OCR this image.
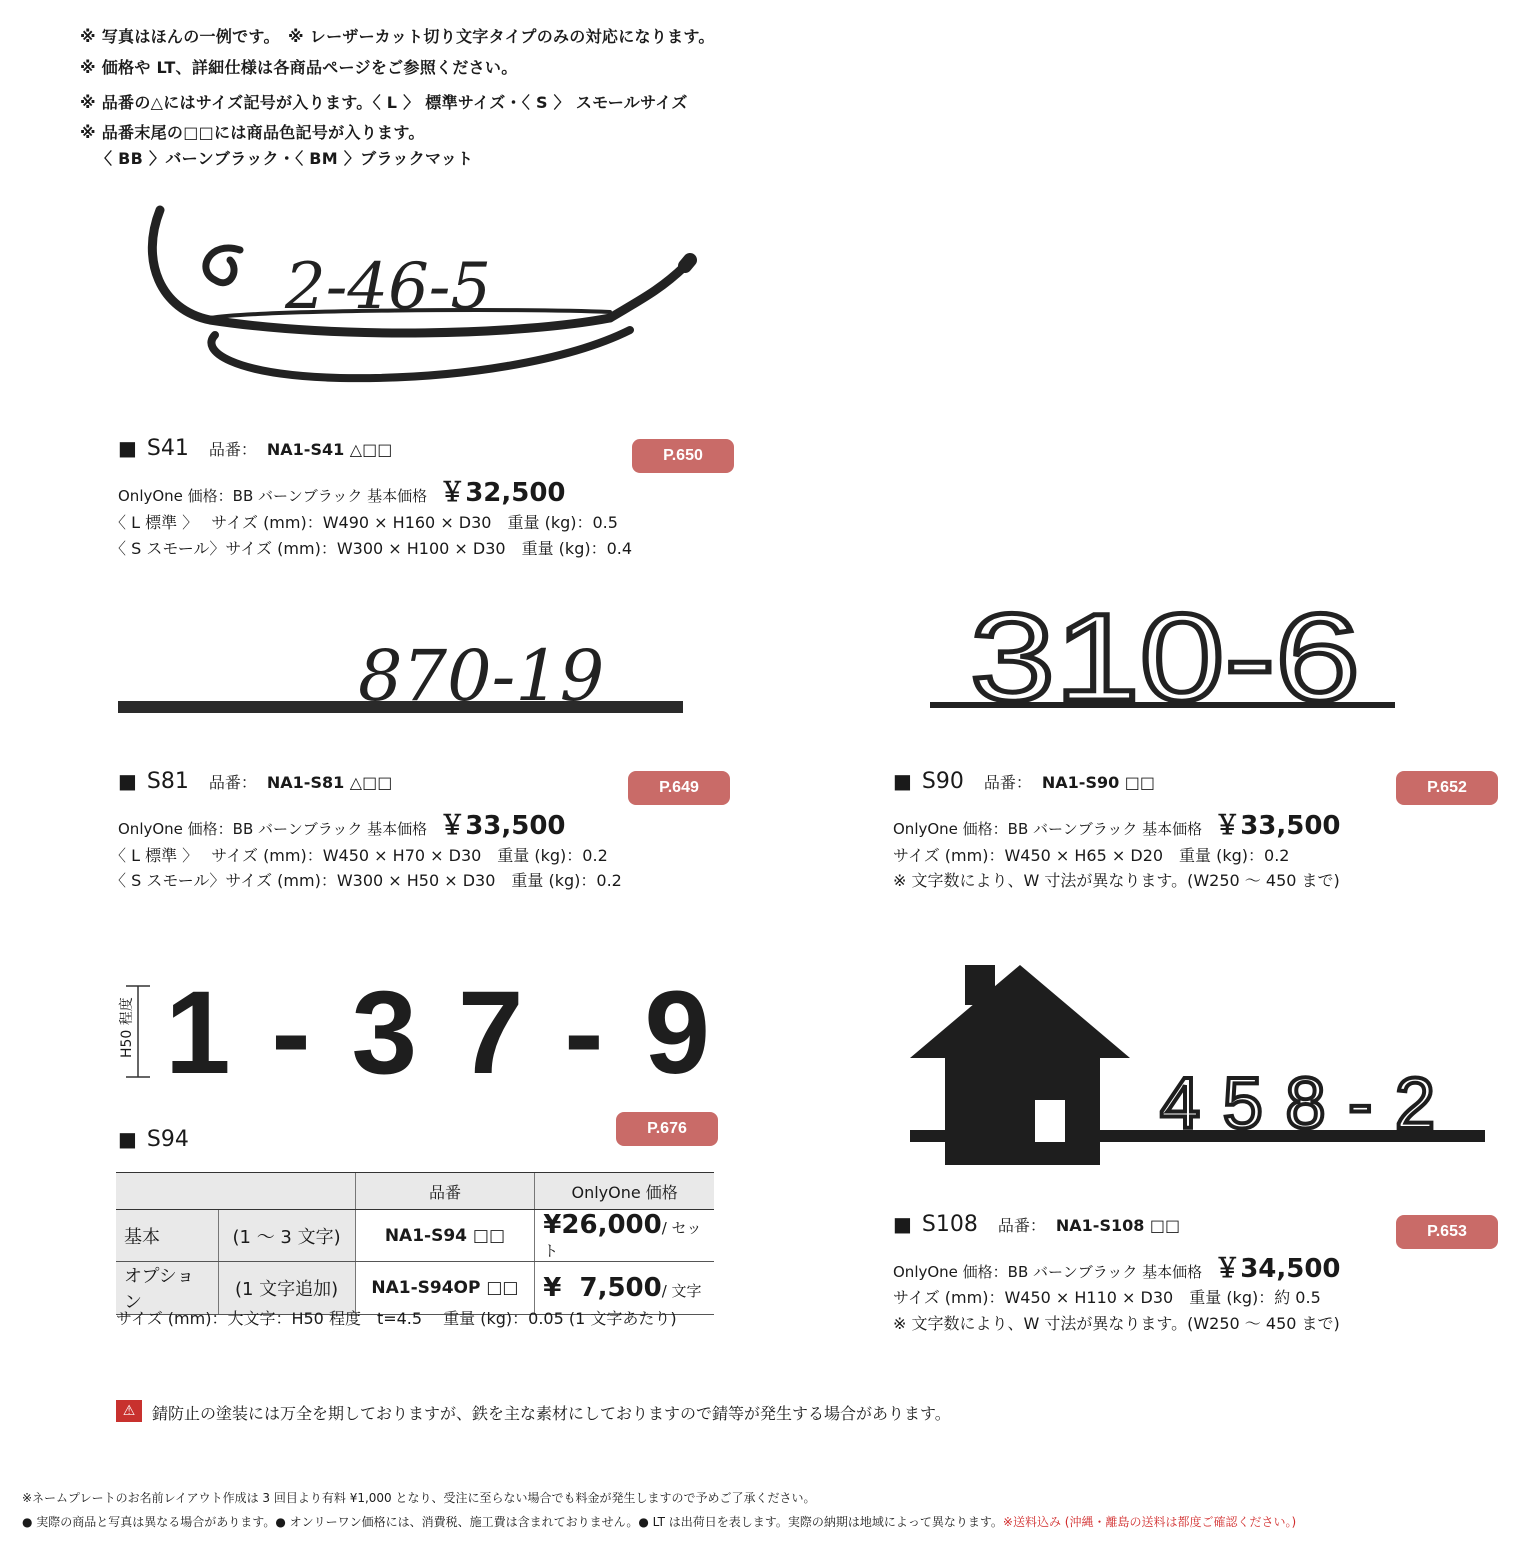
※ 写真はほんの一例です。　※ レーザーカット切り文字タイプのみの対応になります。
※ 価格や LT、詳細仕様は各商品ページをご参照ください。
※ 品番の△にはサイズ記号が入ります。〈 L 〉 標準サイズ・〈 S 〉 スモールサイズ
※ 品番末尾の□□には商品色記号が入ります。
〈 BB 〉バーンブラック・〈 BM 〉ブラックマット
2-46-5
■ S41 品番： NA1-S41 △□□	P.650
OnlyOne 価格：BB バーンブラック 基本価格 ￥32,500
〈 L 標準 〉　 サイズ (mm)：W490 × H160 × D30　重量 (kg)：0.5
〈 S スモール〉サイズ (mm)：W300 × H100 × D30　重量 (kg)：0.4
870-19
■ S81 品番： NA1-S81 △□□	P.649
OnlyOne 価格：BB バーンブラック 基本価格 ￥33,500
〈 L 標準 〉　 サイズ (mm)：W450 × H70 × D30　重量 (kg)：0.2
〈 S スモール〉サイズ (mm)：W300 × H50 × D30　重量 (kg)：0.2
310-6
■ S90 品番： NA1-S90 □□	P.652
OnlyOne 価格：BB バーンブラック 基本価格 ￥33,500
サイズ (mm)：W450 × H65 × D20　重量 (kg)：0.2
※ 文字数により、W 寸法が異なります。(W250 ～ 450 まで)
H50 程度 1-37-9
■ S94	P.676
		品番	OnlyOne 価格
基本	(1 ～ 3 文字)	NA1-S94 □□	¥26,000/ セット
オプション	(1 文字追加)	NA1-S94OP □□	¥  7,500/ 文字
サイズ (mm)：大文字：H50 程度　t=4.5　 重量 (kg)：0.05 (1 文字あたり)
458-2
■ S108 品番： NA1-S108 □□	P.653
OnlyOne 価格：BB バーンブラック 基本価格 ￥34,500
サイズ (mm)：W450 × H110 × D30　重量 (kg)：約 0.5
※ 文字数により、W 寸法が異なります。(W250 ～ 450 まで)
⚠	錆防止の塗装には万全を期しておりますが、鉄を主な素材にしておりますので錆等が発生する場合があります。
※ネームプレートのお名前レイアウト作成は 3 回目より有料 ¥1,000 となり、受注に至らない場合でも料金が発生しますので予めご了承ください。
● 実際の商品と写真は異なる場合があります。● オンリーワン価格には、消費税、施工費は含まれておりません。● LT は出荷日を表します。実際の納期は地域によって異なります。※送料込み (沖縄・離島の送料は都度ご確認ください。)
